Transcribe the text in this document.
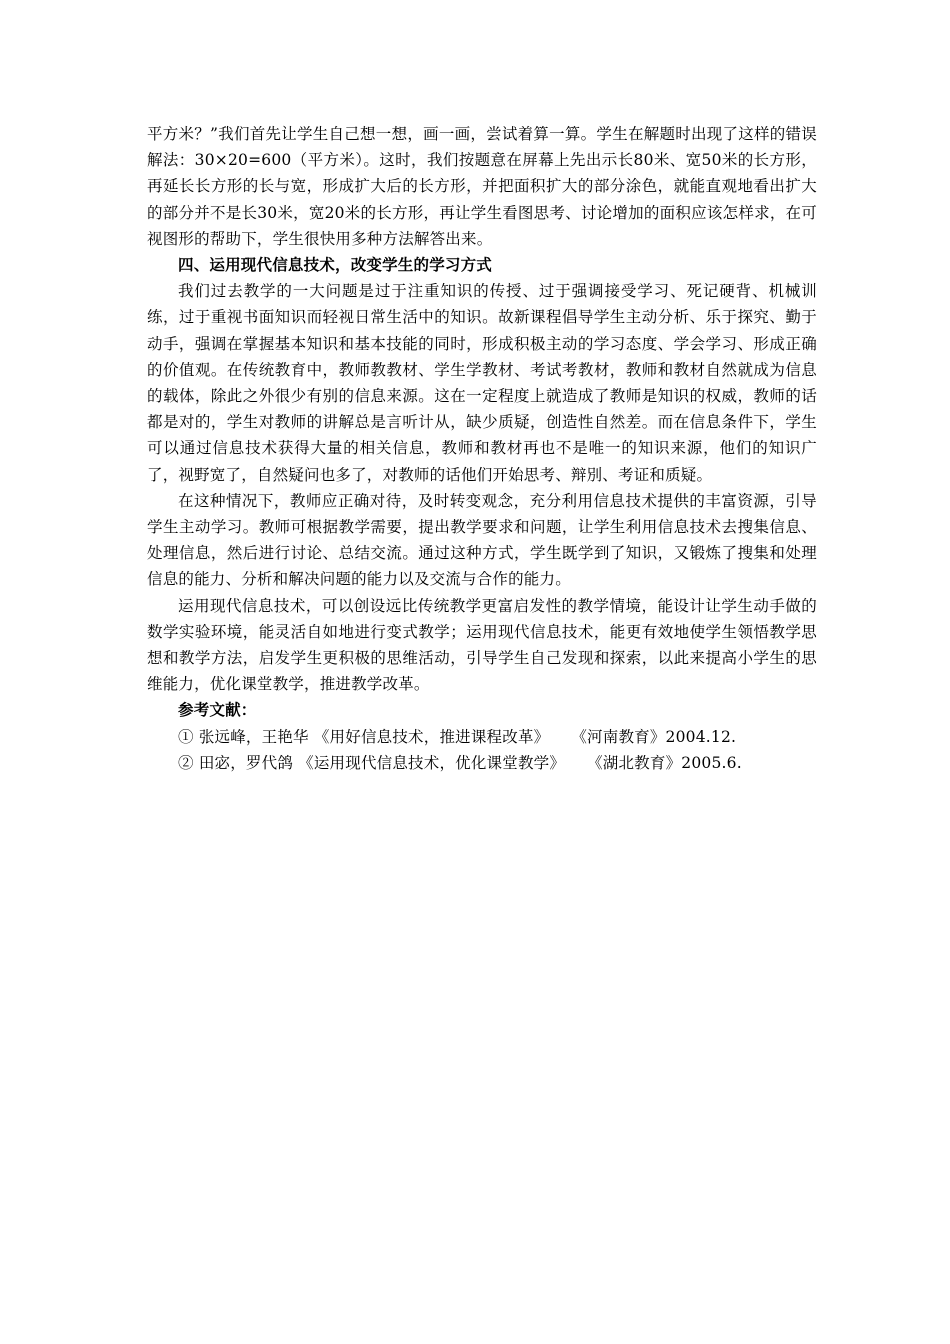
平方米？”我们首先让学生自己想一想，画一画，尝试着算一算。学生在解题时出现了这样的错误解法：30×20=600（平方米）。这时，我们按题意在屏幕上先出示长80米、宽50米的长方形，再延长长方形的长与宽，形成扩大后的长方形，并把面积扩大的部分涂色，就能直观地看出扩大的部分并不是长30米，宽20米的长方形，再让学生看图思考、讨论增加的面积应该怎样求，在可视图形的帮助下，学生很快用多种方法解答出来。

四、运用现代信息技术，改变学生的学习方式

我们过去教学的一大问题是过于注重知识的传授、过于强调接受学习、死记硬背、机械训练，过于重视书面知识而轻视日常生活中的知识。故新课程倡导学生主动分析、乐于探究、勤于动手，强调在掌握基本知识和基本技能的同时，形成积极主动的学习态度、学会学习、形成正确的价值观。在传统教育中，教师教教材、学生学教材、考试考教材，教师和教材自然就成为信息的载体，除此之外很少有别的信息来源。这在一定程度上就造成了教师是知识的权威，教师的话都是对的，学生对教师的讲解总是言听计从，缺少质疑，创造性自然差。而在信息条件下，学生可以通过信息技术获得大量的相关信息，教师和教材再也不是唯一的知识来源，他们的知识广了，视野宽了，自然疑问也多了，对教师的话他们开始思考、辩別、考证和质疑。

在这种情况下，教师应正确对待，及时转变观念，充分利用信息技术提供的丰富资源，引导学生主动学习。教师可根据教学需要，提出教学要求和问题，让学生利用信息技术去搜集信息、处理信息，然后进行讨论、总结交流。通过这种方式，学生既学到了知识，又锻炼了搜集和处理信息的能力、分析和解决问题的能力以及交流与合作的能力。

运用现代信息技术，可以创设远比传统教学更富启发性的教学情境，能设计让学生动手做的数学实验环境，能灵活自如地进行变式教学；运用现代信息技术，能更有效地使学生领悟教学思想和教学方法，启发学生更积极的思维活动，引导学生自己发现和探索，以此来提高小学生的思维能力，优化课堂教学，推进教学改革。

参考文献：

① 张远峰，王艳华 《用好信息技术，推进课程改革》 《河南教育》2004.12.

② 田宓，罗代鸽 《运用现代信息技术，优化课堂教学》 《湖北教育》2005.6.
